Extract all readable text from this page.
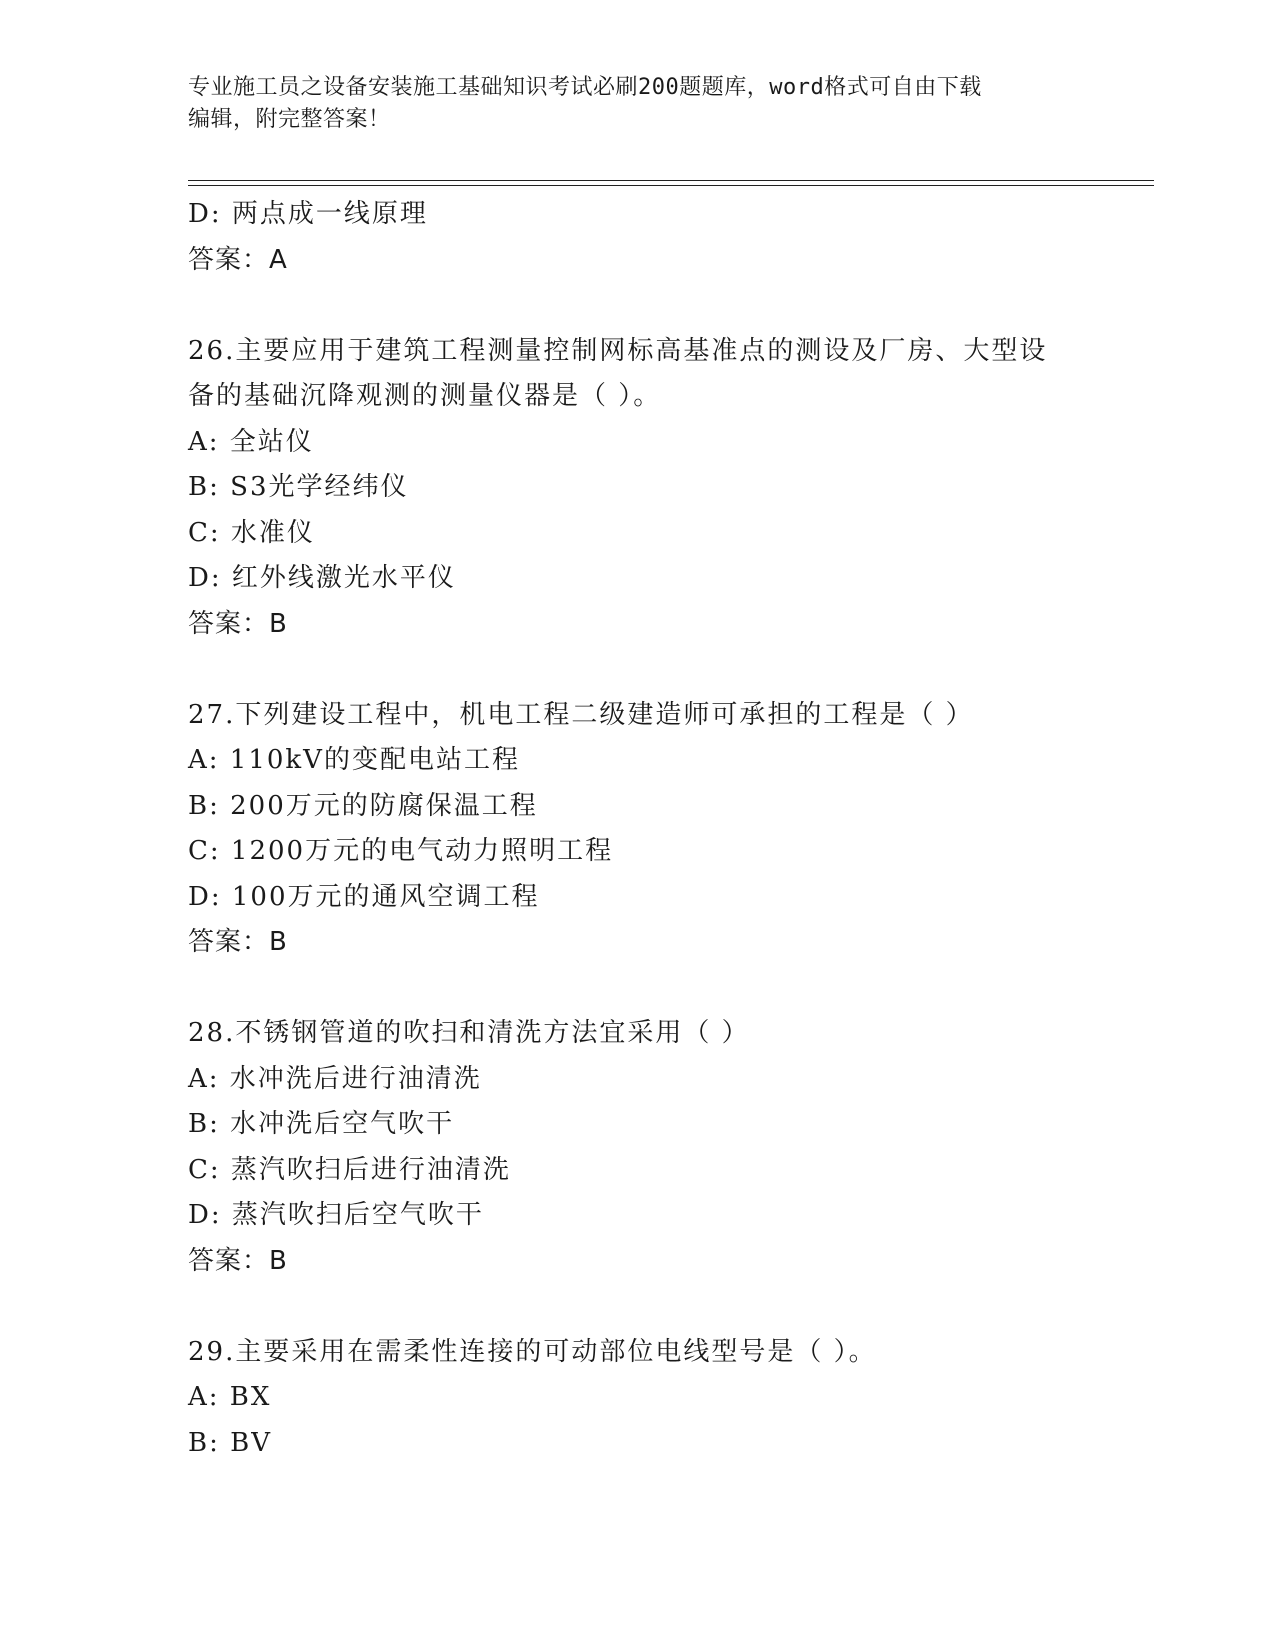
专业施工员之设备安装施工基础知识考试必刷200题题库，word格式可自由下载
编辑，附完整答案！
D: 两点成一线原理
答案：A
26.主要应用于建筑工程测量控制网标高基准点的测设及厂房、大型设
备的基础沉降观测的测量仪器是（ ）。
A: 全站仪
B: S3光学经纬仪
C: 水准仪
D: 红外线激光水平仪
答案：B
27.下列建设工程中，机电工程二级建造师可承担的工程是（ ）
A: 110kV的变配电站工程
B: 200万元的防腐保温工程
C: 1200万元的电气动力照明工程
D: 100万元的通风空调工程
答案：B
28.不锈钢管道的吹扫和清洗方法宜采用（ ）
A: 水冲洗后进行油清洗
B: 水冲洗后空气吹干
C: 蒸汽吹扫后进行油清洗
D: 蒸汽吹扫后空气吹干
答案：B
29.主要采用在需柔性连接的可动部位电线型号是（ ）。
A: BX
B: BV
